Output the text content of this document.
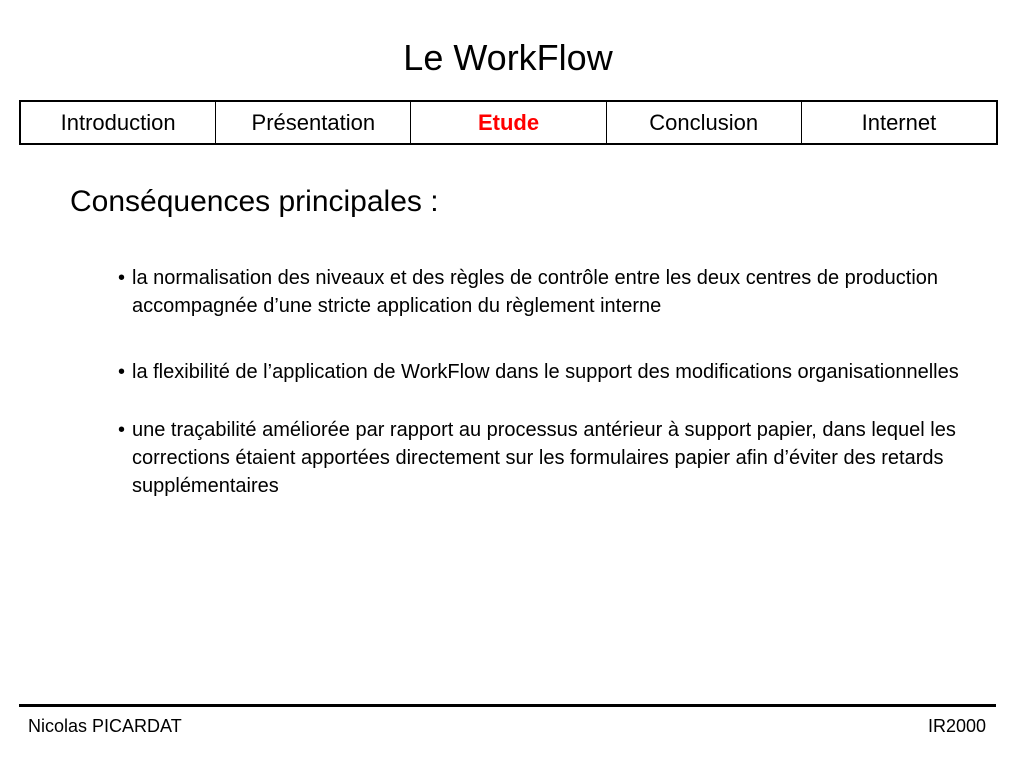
Le WorkFlow
Introduction	Présentation	Etude	Conclusion	Internet
Conséquences principales :
• la normalisation des niveaux et des règles de contrôle entre les deux centres de production accompagnée d’une stricte application du règlement interne
• la flexibilité de l’application de WorkFlow dans le support des modifications organisationnelles
• une traçabilité améliorée par rapport au processus antérieur à support papier, dans lequel les corrections étaient apportées directement sur les formulaires papier afin d’éviter des retards supplémentaires
Nicolas PICARDAT	IR2000
